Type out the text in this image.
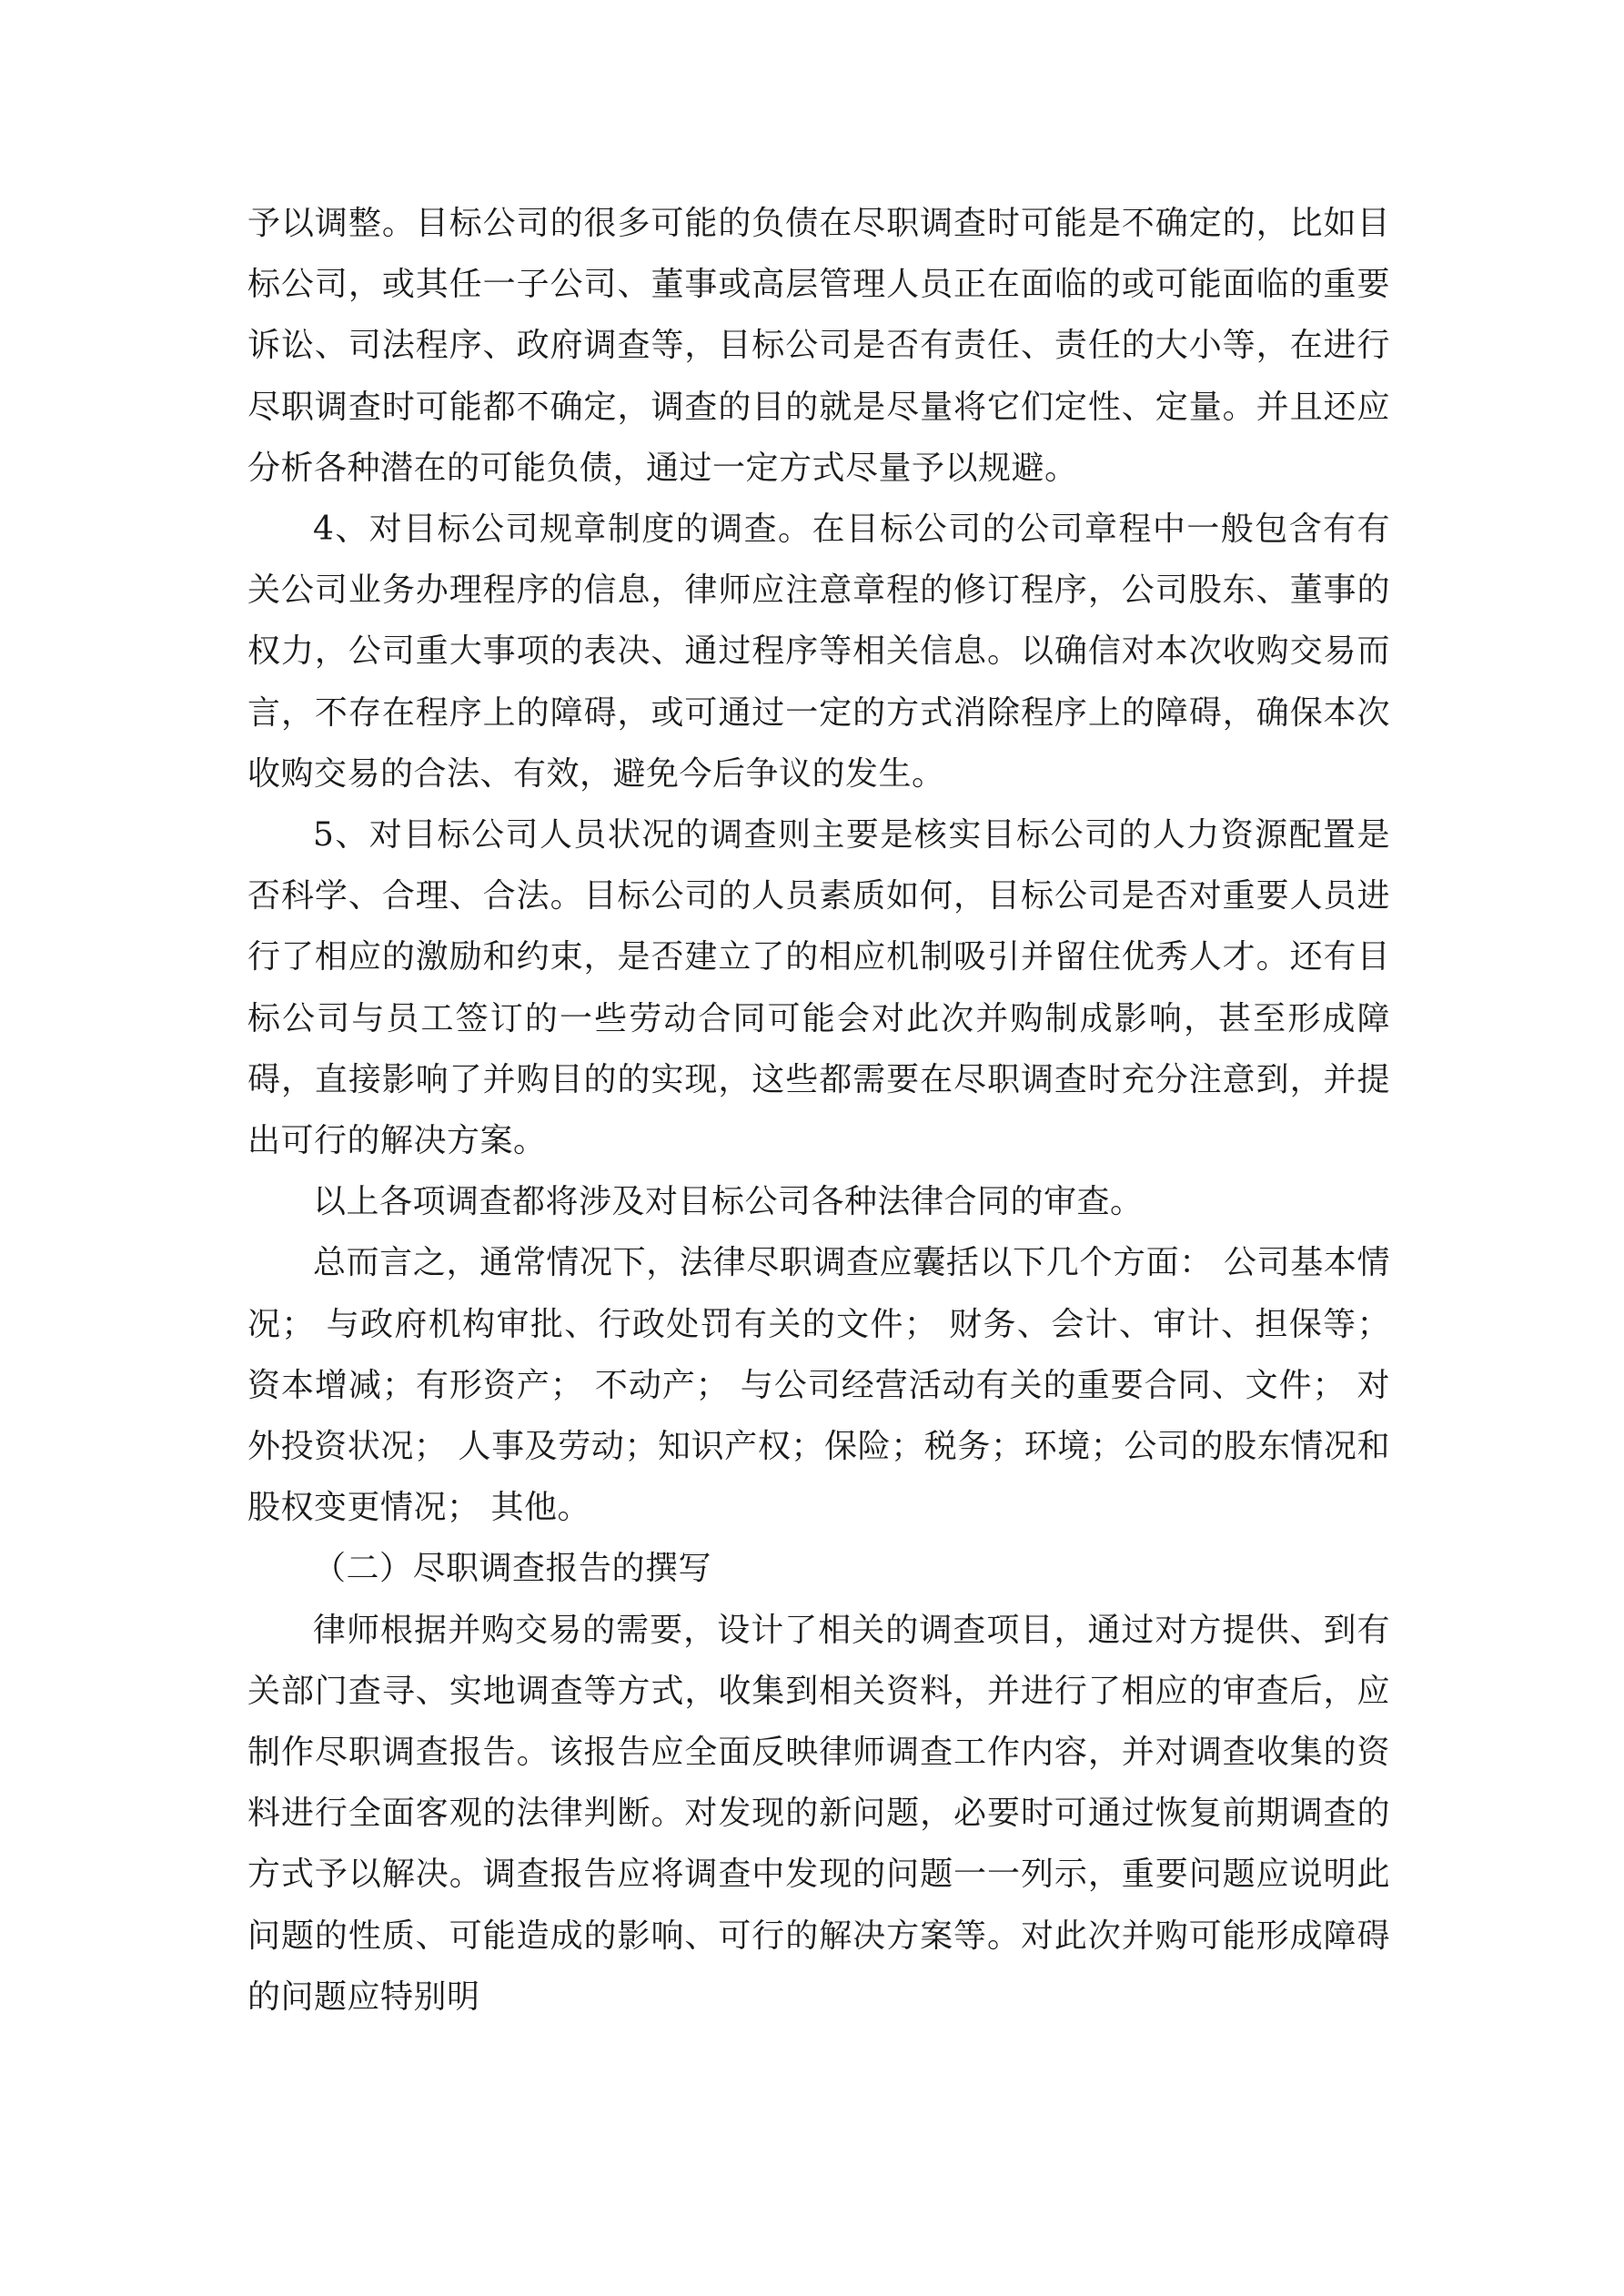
予以调整。目标公司的很多可能的负债在尽职调查时可能是不确定的，比如目标公司，或其任一子公司、董事或高层管理人员正在面临的或可能面临的重要诉讼、司法程序、政府调查等，目标公司是否有责任、责任的大小等，在进行尽职调查时可能都不确定，调查的目的就是尽量将它们定性、定量。并且还应分析各种潜在的可能负债，通过一定方式尽量予以规避。

4、对目标公司规章制度的调查。在目标公司的公司章程中一般包含有有关公司业务办理程序的信息，律师应注意章程的修订程序，公司股东、董事的权力，公司重大事项的表决、通过程序等相关信息。以确信对本次收购交易而言，不存在程序上的障碍，或可通过一定的方式消除程序上的障碍，确保本次收购交易的合法、有效，避免今后争议的发生。

5、对目标公司人员状况的调查则主要是核实目标公司的人力资源配置是否科学、合理、合法。目标公司的人员素质如何，目标公司是否对重要人员进行了相应的激励和约束，是否建立了的相应机制吸引并留住优秀人才。还有目标公司与员工签订的一些劳动合同可能会对此次并购制成影响，甚至形成障碍，直接影响了并购目的的实现，这些都需要在尽职调查时充分注意到，并提出可行的解决方案。

以上各项调查都将涉及对目标公司各种法律合同的审查。

总而言之，通常情况下，法律尽职调查应囊括以下几个方面： 公司基本情况； 与政府机构审批、行政处罚有关的文件； 财务、会计、审计、担保等； 资本增减；有形资产； 不动产； 与公司经营活动有关的重要合同、文件； 对外投资状况； 人事及劳动；知识产权；保险；税务；环境；公司的股东情况和股权变更情况； 其他。

（二）尽职调查报告的撰写

律师根据并购交易的需要，设计了相关的调查项目，通过对方提供、到有关部门查寻、实地调查等方式，收集到相关资料，并进行了相应的审查后，应制作尽职调查报告。该报告应全面反映律师调查工作内容，并对调查收集的资料进行全面客观的法律判断。对发现的新问题，必要时可通过恢复前期调查的方式予以解决。调查报告应将调查中发现的问题一一列示，重要问题应说明此问题的性质、可能造成的影响、可行的解决方案等。对此次并购可能形成障碍的问题应特别明
